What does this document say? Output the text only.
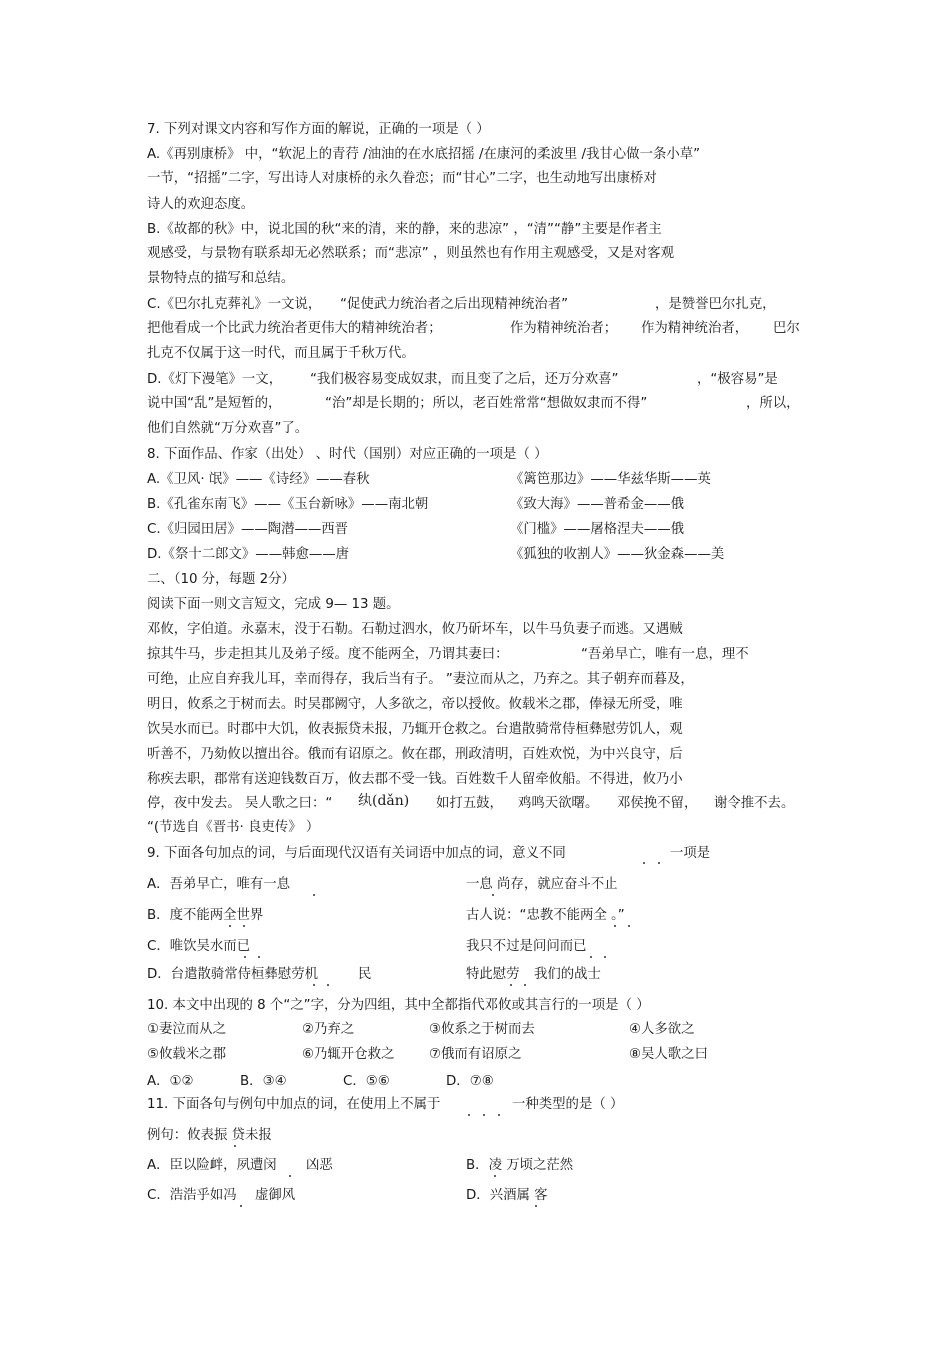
7. 下列对课文内容和写作方面的解说，正确的一项是（ ）
A.《再别康桥》 中，“软泥上的青荇 /油油的在水底招摇 /在康河的柔波里 /我甘心做一条小草”
一节，“招摇”二字，写出诗人对康桥的永久眷恋；而“甘心”二字，也生动地写出康桥对
诗人的欢迎态度。
B.《故都的秋》中，说北国的秋“来的清，来的静，来的悲凉” ，“清”“静”主要是作者主
观感受，与景物有联系却无必然联系；而“悲凉” ，则虽然也有作用主观感受，又是对客观
景物特点的描写和总结。
C.《巴尔扎克葬礼》一文说， “促使武力统治者之后出现精神统治者”	，是赞誉巴尔扎克，
把他看成一个比武力统治者更伟大的精神统治者；	作为精神统治者； 作为精神统治者， 巴尔
扎克不仅属于这一时代，而且属于千秋万代。
D.《灯下漫笔》一文， “我们极容易变成奴隶，而且变了之后，还万分欢喜”	，“极容易”是
说中国“乱”是短暂的，	“治”却是长期的；所以，老百姓常常“想做奴隶而不得”	，所以，
他们自然就“万分欢喜”了。
8. 下面作品、作家（出处） 、时代（国别）对应正确的一项是（ ）
A.《卫风· 氓》——《诗经》——春秋	《篱笆那边》——华兹华斯——英
B.《孔雀东南飞》——《玉台新咏》——南北朝	《致大海》——普希金——俄
C.《归园田居》——陶潜——西晋	《门槛》——屠格涅夫——俄
D.《祭十二郎文》——韩愈——唐	《狐独的收割人》——狄金森——美
二、（10 分，每题 2分）
阅读下面一则文言短文，完成 9— 13 题。
邓攸，字伯道。永嘉末，没于石勒。石勒过泗水，攸乃斫坏车，以牛马负妻子而逃。又遇贼
掠其牛马，步走担其儿及弟子绥。度不能两全，乃谓其妻曰：	“吾弟早亡，唯有一息，理不
可绝，止应自弃我儿耳，幸而得存，我后当有子。 ”妻泣而从之，乃弃之。其子朝弃而暮及，
明日，攸系之于树而去。时吴郡阙守，人多欲之，帝以授攸。攸载米之郡，俸禄无所受，唯
饮吴水而已。时郡中大饥，攸表振贷未报，乃辄开仓救之。台遣散骑常侍桓彝慰劳饥人，观
听善不，乃劾攸以擅出谷。俄而有诏原之。攸在郡，刑政清明，百姓欢悦，为中兴良守，后
称疾去职，郡常有送迎钱数百万，攸去郡不受一钱。百姓数千人留牵攸船。不得进，攸乃小
停，夜中发去。 吴人歌之曰：“ 纨(dǎn) 如打五鼓， 鸡鸣天欲曙。 邓侯挽不留， 谢令推不去。
“(节选自《晋书· 良吏传》 ）
9. 下面各句加点的词，与后面现代汉语有关词语中加点的词，意义不同	一项是
A．吾弟早亡，唯有一息	一息 尚存，就应奋斗不止
B．度不能两全世界	古人说：“忠教不能两全 。”
C．唯饮吴水而已	我只不过是问问而已
D．台遣散骑常侍桓彝慰劳机	民	特此慰劳 我们的战士
10. 本文中出现的 8 个“之”字，分为四组，其中全都指代邓攸或其言行的一项是（ ）
①妻泣而从之	②乃弃之	③攸系之于树而去	④人多欲之
⑤攸载米之郡	⑥乃辄开仓救之	⑦俄而有诏原之	⑧吴人歌之曰
A．①②	B．③④	C．⑤⑥	D．⑦⑧
11. 下面各句与例句中加点的词，在使用上不属于	一种类型的是（ ）
例句：攸表振 贷未报
A．臣以险衅，夙遭闵 凶恶	B．凌 万顷之茫然
C．浩浩乎如冯 虚御风	D．兴酒属 客
